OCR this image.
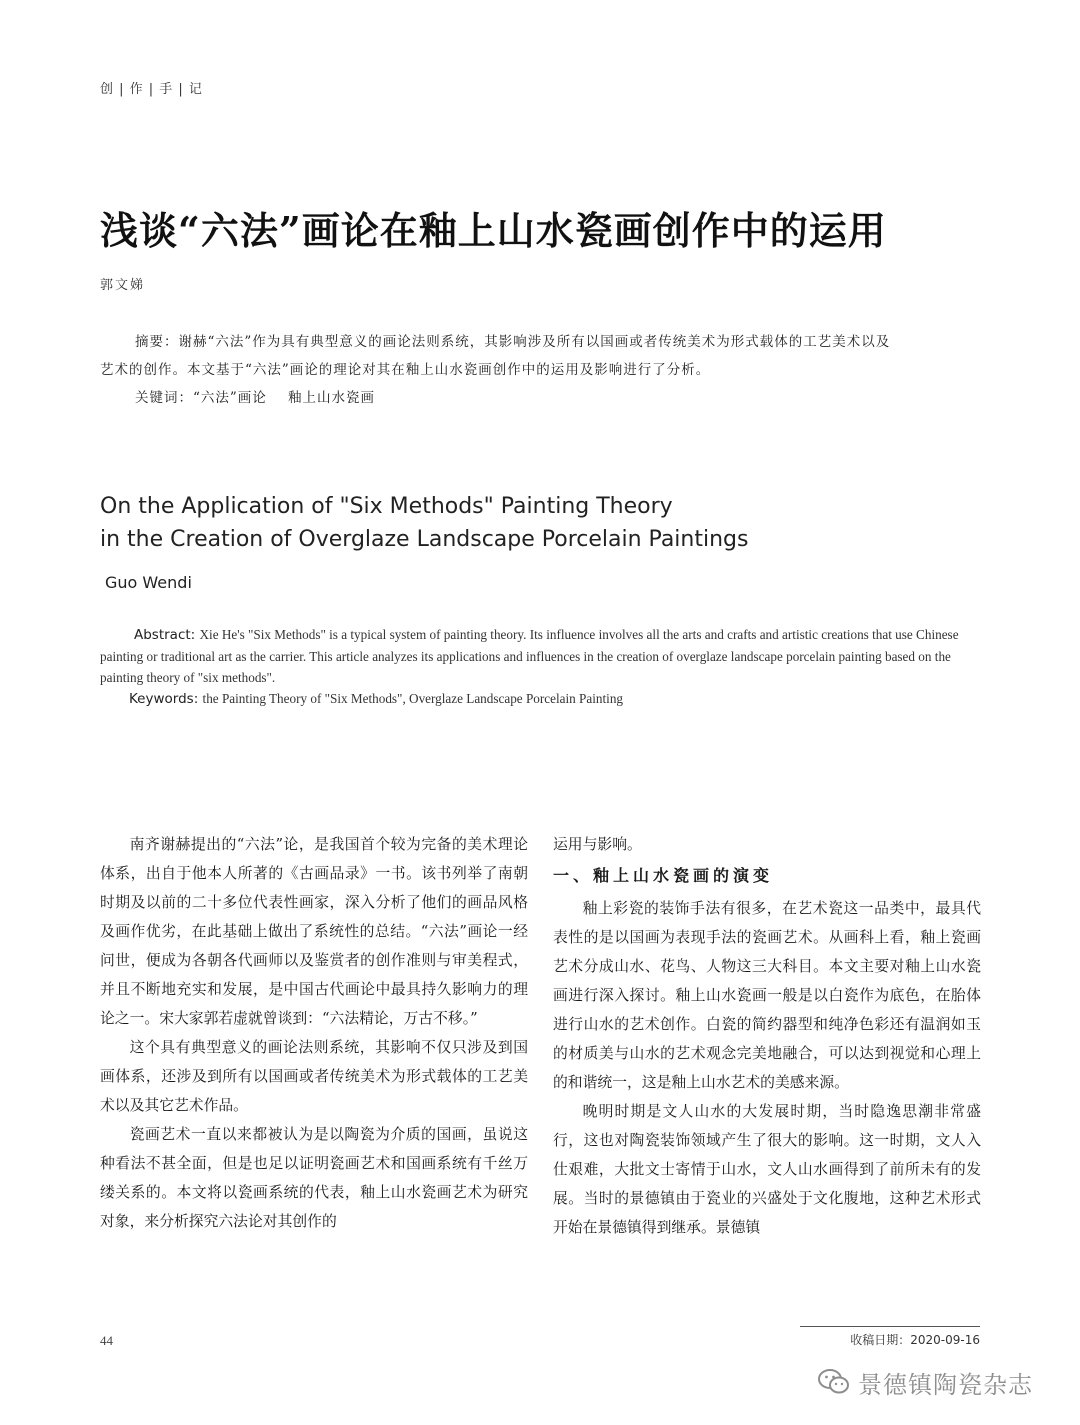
创 | 作 | 手 | 记
浅谈“六法”画论在釉上山水瓷画创作中的运用
郭文娣
摘要：谢赫“六法”作为具有典型意义的画论法则系统，其影响涉及所有以国画或者传统美术为形式载体的工艺美术以及
艺术的创作。本文基于“六法”画论的理论对其在釉上山水瓷画创作中的运用及影响进行了分析。
关键词：“六法”画论    釉上山水瓷画
On the Application of "Six Methods" Painting Theory
in the Creation of Overglaze Landscape Porcelain Paintings
Guo Wendi
Abstract: Xie He's "Six Methods" is a typical system of painting theory. Its influence involves all the arts and crafts and artistic creations that use Chinese painting or traditional art as the carrier. This article analyzes its applications and influences in the creation of overglaze landscape porcelain painting based on the painting theory of "six methods".
Keywords: the Painting Theory of "Six Methods", Overglaze Landscape Porcelain Painting

南齐谢赫提出的“六法”论，是我国首个较为完备的美术理论体系，出自于他本人所著的《古画品录》一书。该书列举了南朝时期及以前的二十多位代表性画家，深入分析了他们的画品风格及画作优劣，在此基础上做出了系统性的总结。“六法”画论一经问世，便成为各朝各代画师以及鉴赏者的创作准则与审美程式，并且不断地充实和发展，是中国古代画论中最具持久影响力的理论之一。宋大家郭若虚就曾谈到：“六法精论，万古不移。”

这个具有典型意义的画论法则系统，其影响不仅只涉及到国画体系，还涉及到所有以国画或者传统美术为形式载体的工艺美术以及其它艺术作品。

瓷画艺术一直以来都被认为是以陶瓷为介质的国画，虽说这种看法不甚全面，但是也足以证明瓷画艺术和国画系统有千丝万缕关系的。本文将以瓷画系统的代表，釉上山水瓷画艺术为研究对象，来分析探究六法论对其创作的

运用与影响。

一、釉上山水瓷画的演变

釉上彩瓷的装饰手法有很多，在艺术瓷这一品类中，最具代表性的是以国画为表现手法的瓷画艺术。从画科上看，釉上瓷画艺术分成山水、花鸟、人物这三大科目。本文主要对釉上山水瓷画进行深入探讨。釉上山水瓷画一般是以白瓷作为底色，在胎体进行山水的艺术创作。白瓷的简约器型和纯净色彩还有温润如玉的材质美与山水的艺术观念完美地融合，可以达到视觉和心理上的和谐统一，这是釉上山水艺术的美感来源。

晚明时期是文人山水的大发展时期，当时隐逸思潮非常盛行，这也对陶瓷装饰领域产生了很大的影响。这一时期，文人入仕艰难，大批文士寄情于山水，文人山水画得到了前所未有的发展。当时的景德镇由于瓷业的兴盛处于文化腹地，这种艺术形式开始在景德镇得到继承。景德镇

收稿日期：2020-09-16
44
景德镇陶瓷杂志
